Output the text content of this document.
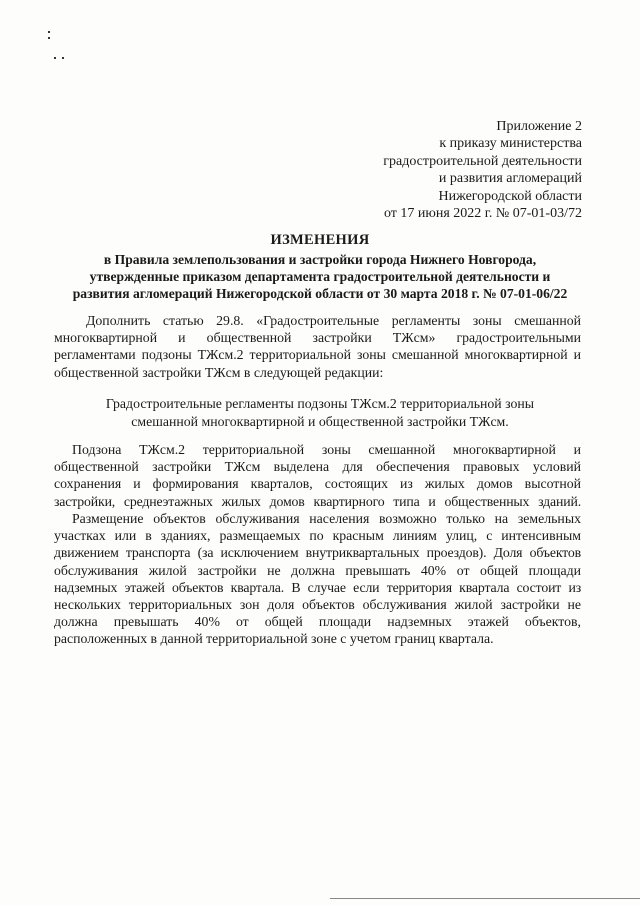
Приложение 2
к приказу министерства
градостроительной деятельности
и развития агломераций
Нижегородской области
от 17 июня 2022 г. № 07-01-03/72
ИЗМЕНЕНИЯ
в Правила землепользования и застройки города Нижнего Новгорода,
утвержденные приказом департамента градостроительной деятельности и
развития агломераций Нижегородской области от 30 марта 2018 г. № 07-01-06/22
Дополнить статью 29.8. «Градостроительные регламенты зоны смешанной
многоквартирной и общественной застройки ТЖсм» градостроительными
регламентами подзоны ТЖсм.2 территориальной зоны смешанной многоквартирной и
общественной застройки ТЖсм в следующей редакции:
Градостроительные регламенты подзоны ТЖсм.2 территориальной зоны
смешанной многоквартирной и общественной застройки ТЖсм.
Подзона ТЖсм.2 территориальной зоны смешанной многоквартирной и
общественной застройки ТЖсм выделена для обеспечения правовых условий
сохранения и формирования кварталов, состоящих из жилых домов высотной
застройки, среднеэтажных жилых домов квартирного типа и общественных зданий.
Размещение объектов обслуживания населения возможно только на земельных
участках или в зданиях, размещаемых по красным линиям улиц, с интенсивным
движением транспорта (за исключением внутриквартальных проездов). Доля объектов
обслуживания жилой застройки не должна превышать 40% от общей площади
надземных этажей объектов квартала. В случае если территория квартала состоит из
нескольких территориальных зон доля объектов обслуживания жилой застройки не
должна превышать 40% от общей площади надземных этажей объектов,
расположенных в данной территориальной зоне с учетом границ квартала.
